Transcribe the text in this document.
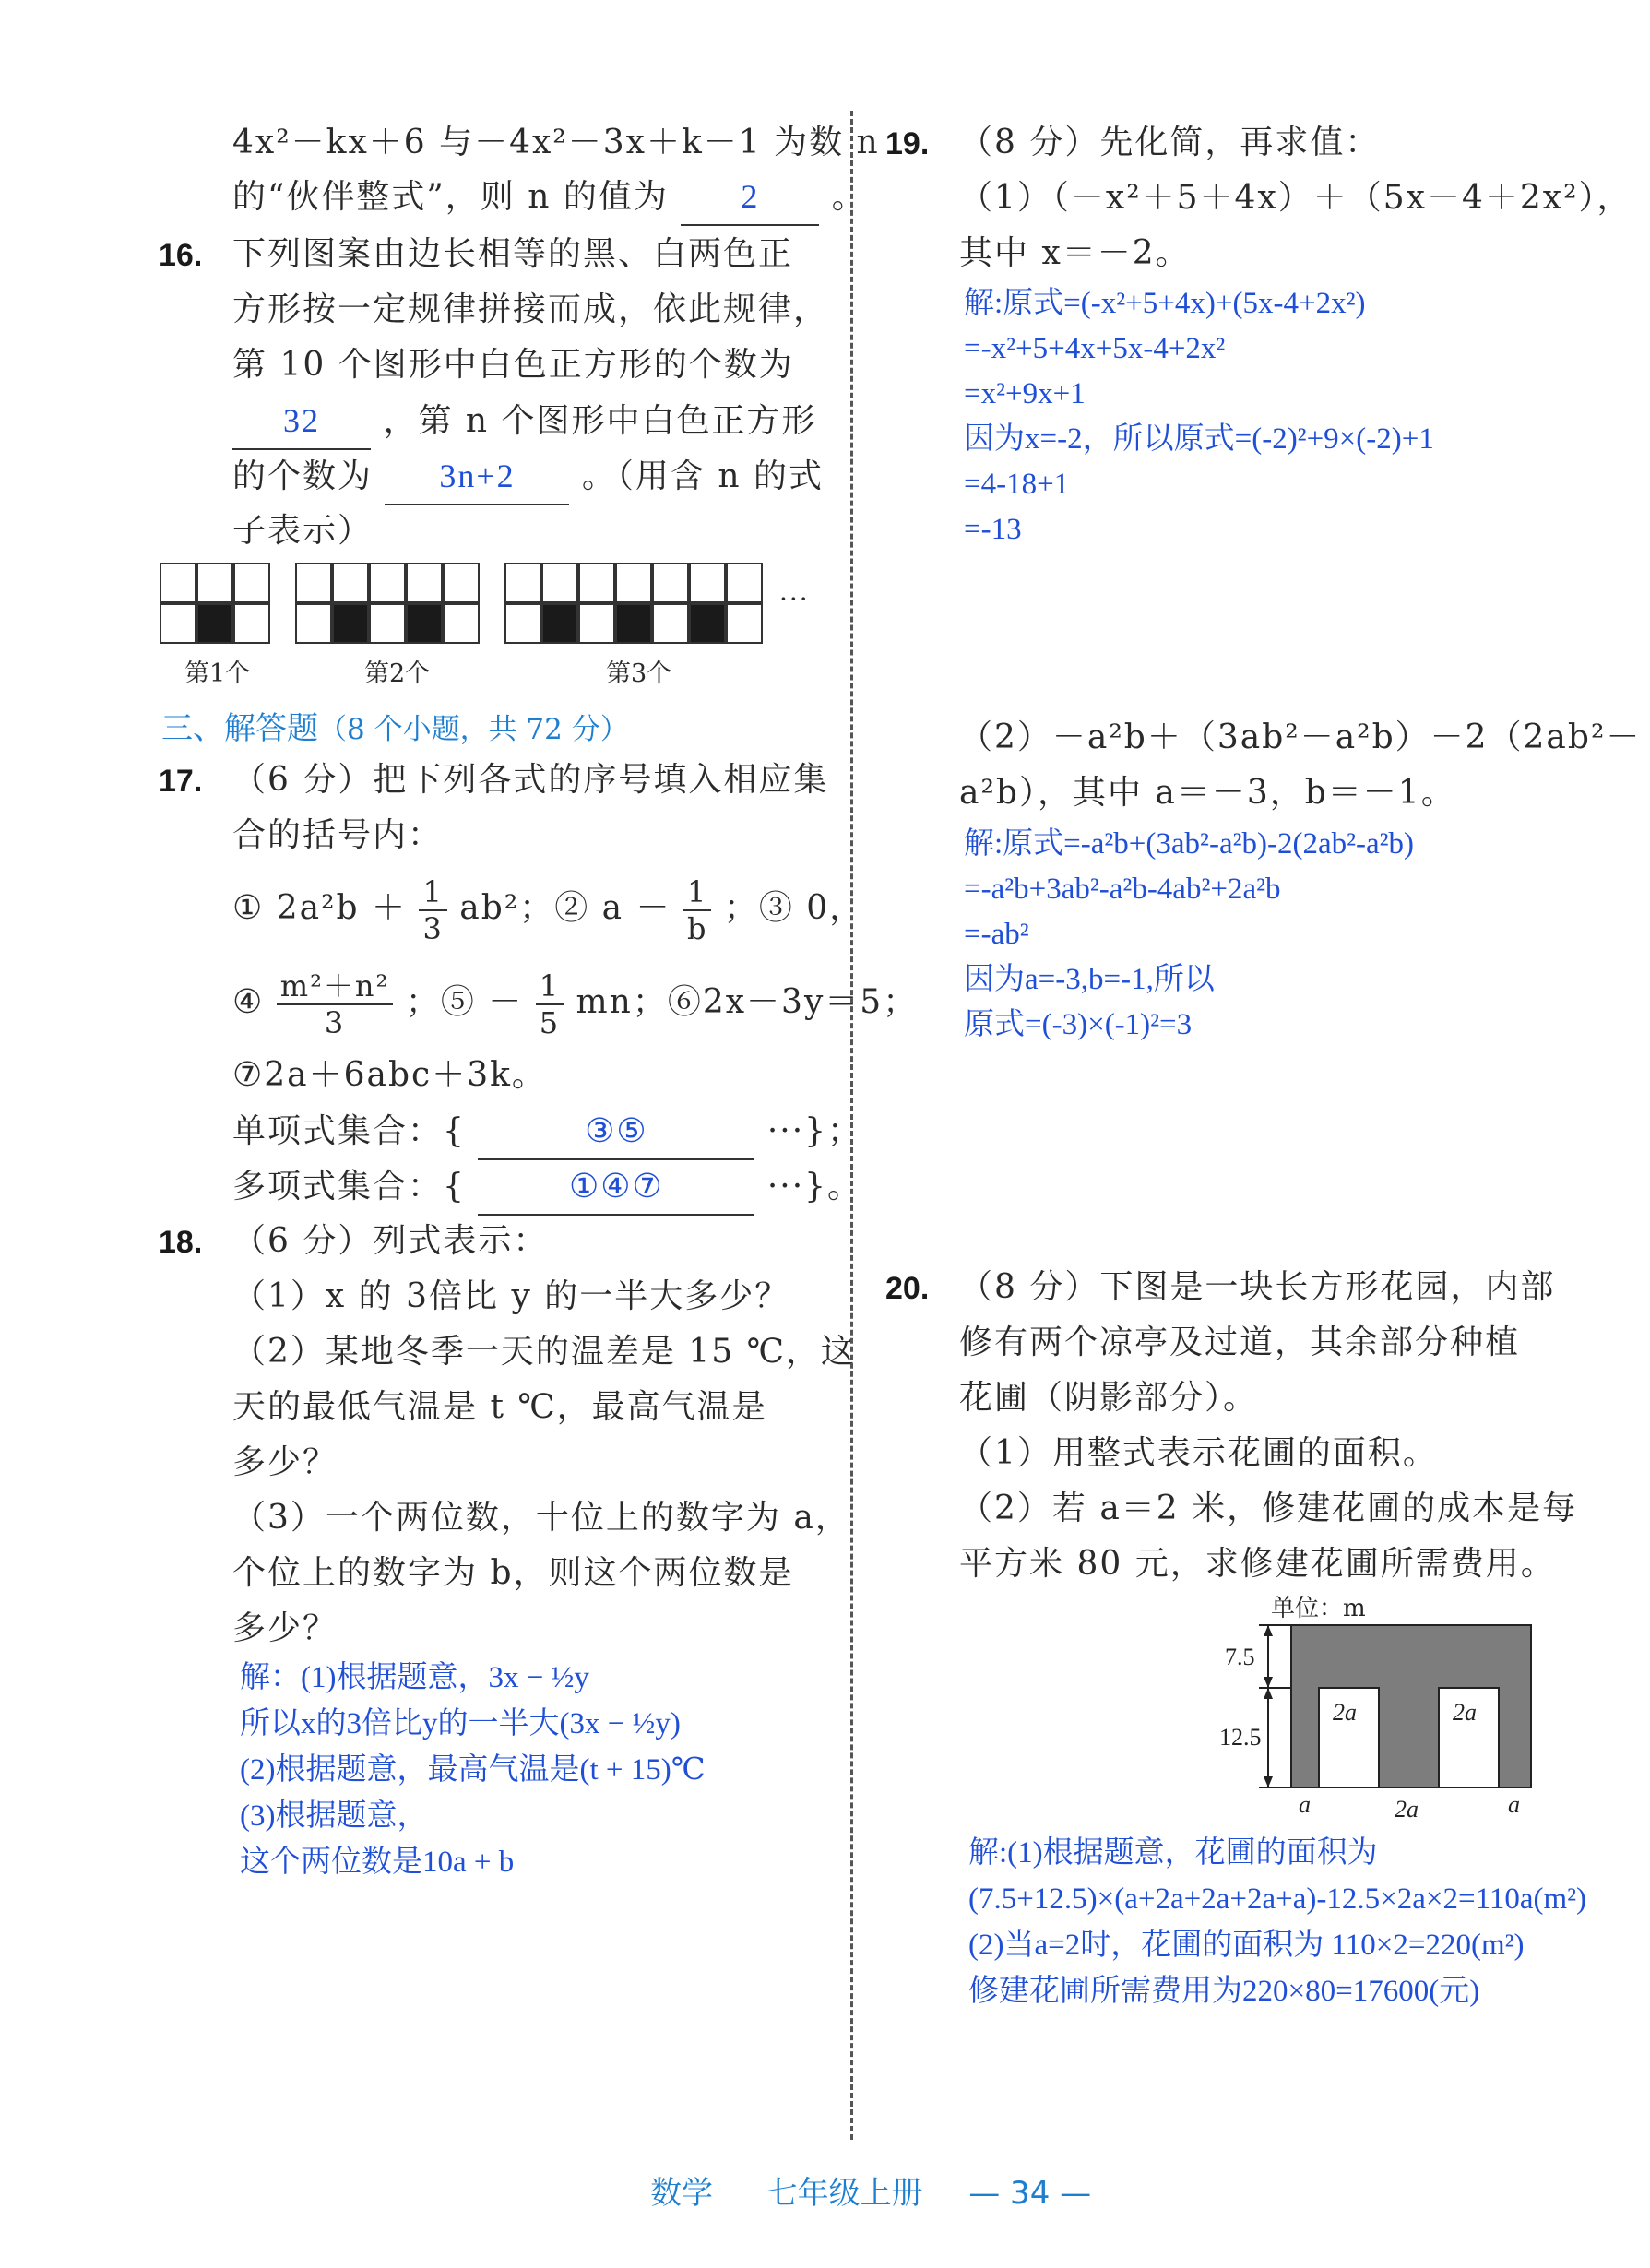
4x²－kx＋6 与－4x²－3x＋k－1 为数 n
的“伙伴整式”，则 n 的值为 2 。
16. 下列图案由边长相等的黑、白两色正
方形按一定规律拼接而成，依此规律，
第 10 个图形中白色正方形的个数为
32 ，第 n 个图形中白色正方形
的个数为 3n+2 。（用含 n 的式
子表示）
···
第1个	第2个	第3个
三、解答题（8 个小题，共 72 分）
17. （6 分）把下列各式的序号填入相应集
合的括号内：
① $2a^2b + \frac{1}{3} ab^2$；② $a - \frac{1}{b}$ ；③ 0，
④ $\frac{\text{m²＋n²}}{3}$ ；⑤ － $\frac{1}{5}$ mn；⑥2x－3y＝5；
⑦2a＋6abc＋3k。
单项式集合：{	③⑤	···}；
多项式集合：{	①④⑦	···}。
18. （6 分）列式表示：
（1）x 的 3倍比 y 的一半大多少？
（2）某地冬季一天的温差是 15 ℃，这
天的最低气温是 t ℃，最高气温是
多少？
（3）一个两位数，十位上的数字为 a，
个位上的数字为 b，则这个两位数是
多少？
解：(1)根据题意，3x − ½y
所以x的3倍比y的一半大(3x − ½y)
(2)根据题意，最高气温是(t + 15)℃
(3)根据题意，
这个两位数是10a + b
19. （8 分）先化简，再求值：
（1）（－x²＋5＋4x）＋（5x－4＋2x²），
其中 x＝－2。
解:原式=(-x²+5+4x)+(5x-4+2x²)
=-x²+5+4x+5x-4+2x²
=x²+9x+1
因为x=-2，所以原式=(-2)²+9×(-2)+1
=4-18+1
=-13
（2）－a²b＋（3ab²－a²b）－2（2ab²－
a²b），其中 a＝－3，b＝－1。
解:原式=-a²b+(3ab²-a²b)-2(2ab²-a²b)
=-a²b+3ab²-a²b-4ab²+2a²b
=-ab²
因为a=-3,b=-1,所以
原式=(-3)×(-1)²=3
20. （8 分）下图是一块长方形花园，内部
修有两个凉亭及过道，其余部分种植
花圃（阴影部分）。
（1）用整式表示花圃的面积。
（2）若 a＝2 米，修建花圃的成本是每
平方米 80 元，求修建花圃所需费用。
单位：m
7.5
12.5
2a	2a
a	2a	a
解:(1)根据题意，花圃的面积为
(7.5+12.5)×(a+2a+2a+2a+a)-12.5×2a×2=110a(m²)
(2)当a=2时，花圃的面积为 110×2=220(m²)
修建花圃所需费用为220×80=17600(元)
数学 七年级上册 — 34 —
